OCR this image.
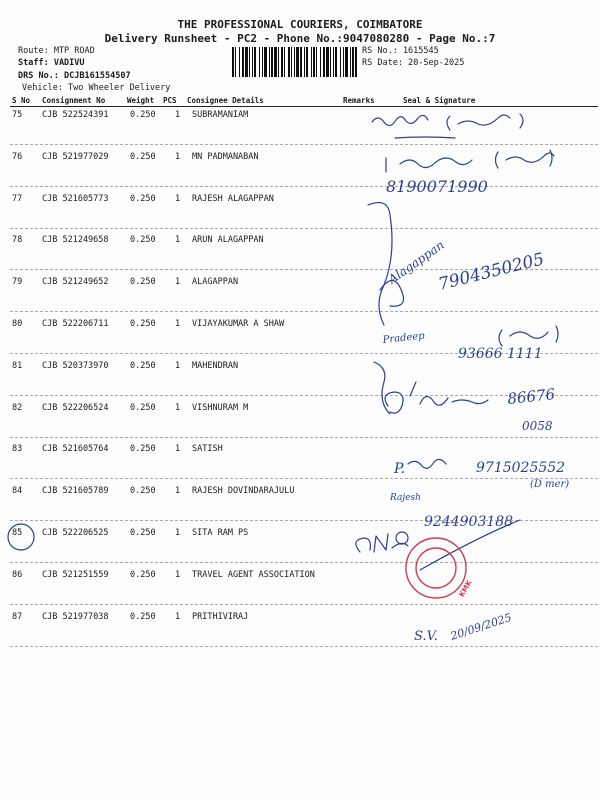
THE PROFESSIONAL COURIERS, COIMBATORE
Delivery Runsheet - PC2 - Phone No.:9047080280 - Page No.:7
Route: MTP ROAD
Staff: VADIVU
DRS No.: DCJB161554507
Vehicle: Two Wheeler Delivery
RS No.: 1615545
RS Date: 20-Sep-2025
S No Consignment No	Weight PCS Consignee Details	Remarks	Seal & Signature
75 CJB 522524391	0.250 1 SUBRAMANIAM
76 CJB 521977029	0.250 1 MN PADMANABAN
77 CJB 521605773	0.250 1 RAJESH ALAGAPPAN
78 CJB 521249658	0.250 1 ARUN ALAGAPPAN
79 CJB 521249652	0.250 1 ALAGAPPAN
80 CJB 522206711	0.250 1 VIJAYAKUMAR A SHAW
81 CJB 520373970	0.250 1 MAHENDRAN
82 CJB 522206524	0.250 1 VISHNURAM M
83 CJB 521605764	0.250 1 SATISH
84 CJB 521605789	0.250 1 RAJESH DOVINDARAJULU
85 CJB 522206525	0.250 1 SITA RAM PS
86 CJB 521251559	0.250 1 TRAVEL AGENT ASSOCIATION
87 CJB 521977038	0.250 1 PRITHIVIRAJ
8190071990
Alagappan
7904350205
Pradeep
93666 1111
86676
0058
P.	9715025552
(D mer)
Rajesh
9244903188
S.V. 20/09/2025
KMK
